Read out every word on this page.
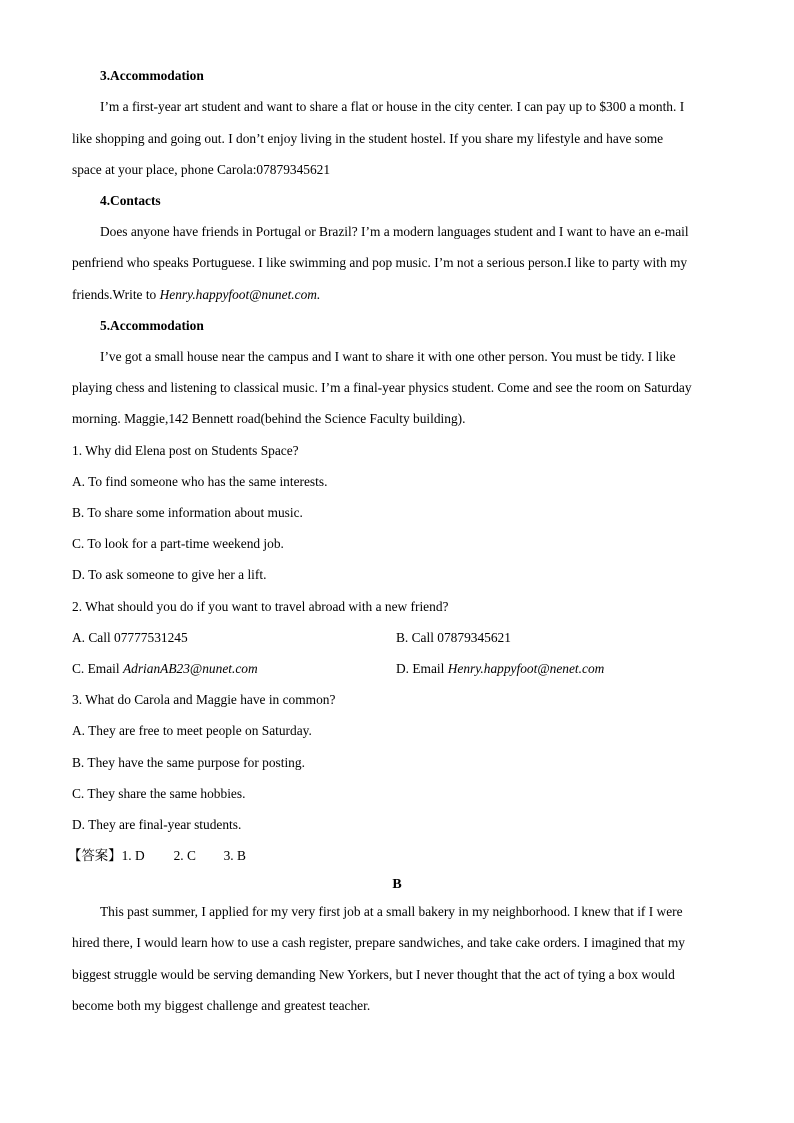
3.Accommodation
I’m a first-year art student and want to share a flat or house in the city center. I can pay up to $300 a month. I
like shopping and going out. I don’t enjoy living in the student hostel. If you share my lifestyle and have some
space at your place, phone Carola:07879345621
4.Contacts
Does anyone have friends in Portugal or Brazil? I’m a modern languages student and I want to have an e-mail
penfriend who speaks Portuguese. I like swimming and pop music. I’m not a serious person.I like to party with my
friends.Write to Henry.happyfoot@nunet.com.
5.Accommodation
I’ve got a small house near the campus and I want to share it with one other person. You must be tidy. I like
playing chess and listening to classical music. I’m a final-year physics student. Come and see the room on Saturday
morning. Maggie,142 Bennett road(behind the Science Faculty building).
1. Why did Elena post on Students Space?
A. To find someone who has the same interests.
B. To share some information about music.
C. To look for a part-time weekend job.
D. To ask someone to give her a lift.
2. What should you do if you want to travel abroad with a new friend?
A. Call 07777531245	B. Call 07879345621
C. Email AdrianAB23@nunet.com	D. Email Henry.happyfoot@nenet.com
3. What do Carola and Maggie have in common?
A. They are free to meet people on Saturday.
B. They have the same purpose for posting.
C. They share the same hobbies.
D. They are final-year students.
【答案】1. D 2. C 3. B
B
This past summer, I applied for my very first job at a small bakery in my neighborhood. I knew that if I were
hired there, I would learn how to use a cash register, prepare sandwiches, and take cake orders. I imagined that my
biggest struggle would be serving demanding New Yorkers, but I never thought that the act of tying a box would
become both my biggest challenge and greatest teacher.
